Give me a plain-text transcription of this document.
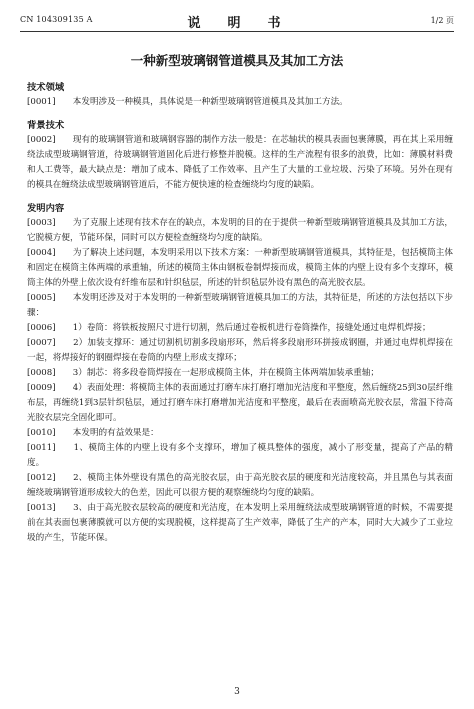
CN 104309135 A	说  明  书	1/2 页
一种新型玻璃钢管道模具及其加工方法

技术领域

[0001]　　本发明涉及一种模具，具体说是一种新型玻璃钢管道模具及其加工方法。

背景技术

[0002]　　现有的玻璃钢管道和玻璃钢容器的制作方法一般是：在芯轴状的模具表面包裹薄膜，再在其上采用缠绕法成型玻璃钢管道，待玻璃钢管道固化后进行修整并脱模。这样的生产流程有很多的浪费，比如：薄膜材料费和人工费等，最大缺点是：增加了成本、降低了工作效率、且产生了大量的工业垃圾、污染了环境。另外在现有的模具在缠绕法成型玻璃钢管道后，不能方便快速的检查缠绕均匀度的缺陷。

发明内容

[0003]　　为了克服上述现有技术存在的缺点，本发明的目的在于提供一种新型玻璃钢管道模具及其加工方法，它脱模方便，节能环保，同时可以方便检查缠绕均匀度的缺陷。

[0004]　　为了解决上述问题，本发明采用以下技术方案：一种新型玻璃钢管道模具，其特征是，包括模筒主体和固定在模筒主体两端的承重轴，所述的模筒主体由钢板卷制焊接而成，模筒主体的内壁上设有多个支撑环，模筒主体的外壁上依次设有纤维布层和针织毡层，所述的针织毡层外设有黑色的高光胶衣层。

[0005]　　本发明还涉及对于本发明的一种新型玻璃钢管道模具加工的方法，其特征是，所述的方法包括以下步骤：

[0006]　　1）卷筒：将铁板按照尺寸进行切割，然后通过卷板机进行卷筒操作，接缝处通过电焊机焊接；

[0007]　　2）加装支撑环：通过切割机切割多段扇形环，然后将多段扇形环拼接成钢圈，并通过电焊机焊接在一起，将焊接好的钢圈焊接在卷筒的内壁上形成支撑环；

[0008]　　3）制芯：将多段卷筒焊接在一起形成模筒主体，并在模筒主体两端加装承重轴；

[0009]　　4）表面处理：将模筒主体的表面通过打磨车床打磨打增加光洁度和平整度，然后缠绕25到30层纤维布层，再缠绕1到3层针织毡层，通过打磨车床打磨增加光洁度和平整度，最后在表面喷高光胶衣层，常温下待高光胶衣层完全固化即可。

[0010]　　本发明的有益效果是：

[0011]　　1、模筒主体的内壁上设有多个支撑环，增加了模具整体的强度，减小了形变量，提高了产品的精度。

[0012]　　2、模筒主体外壁设有黑色的高光胶衣层，由于高光胶衣层的硬度和光洁度较高，并且黑色与其表面缠绕玻璃钢管道形成较大的色差，因此可以很方便的观察缠绕均匀度的缺陷。

[0013]　　3、由于高光胶衣层较高的硬度和光洁度，在本发明上采用缠绕法成型玻璃钢管道的时候，不需要提前在其表面包裹薄膜就可以方便的实现脱模，这样提高了生产效率，降低了生产的产本，同时大大减少了工业垃圾的产生，节能环保。

3
